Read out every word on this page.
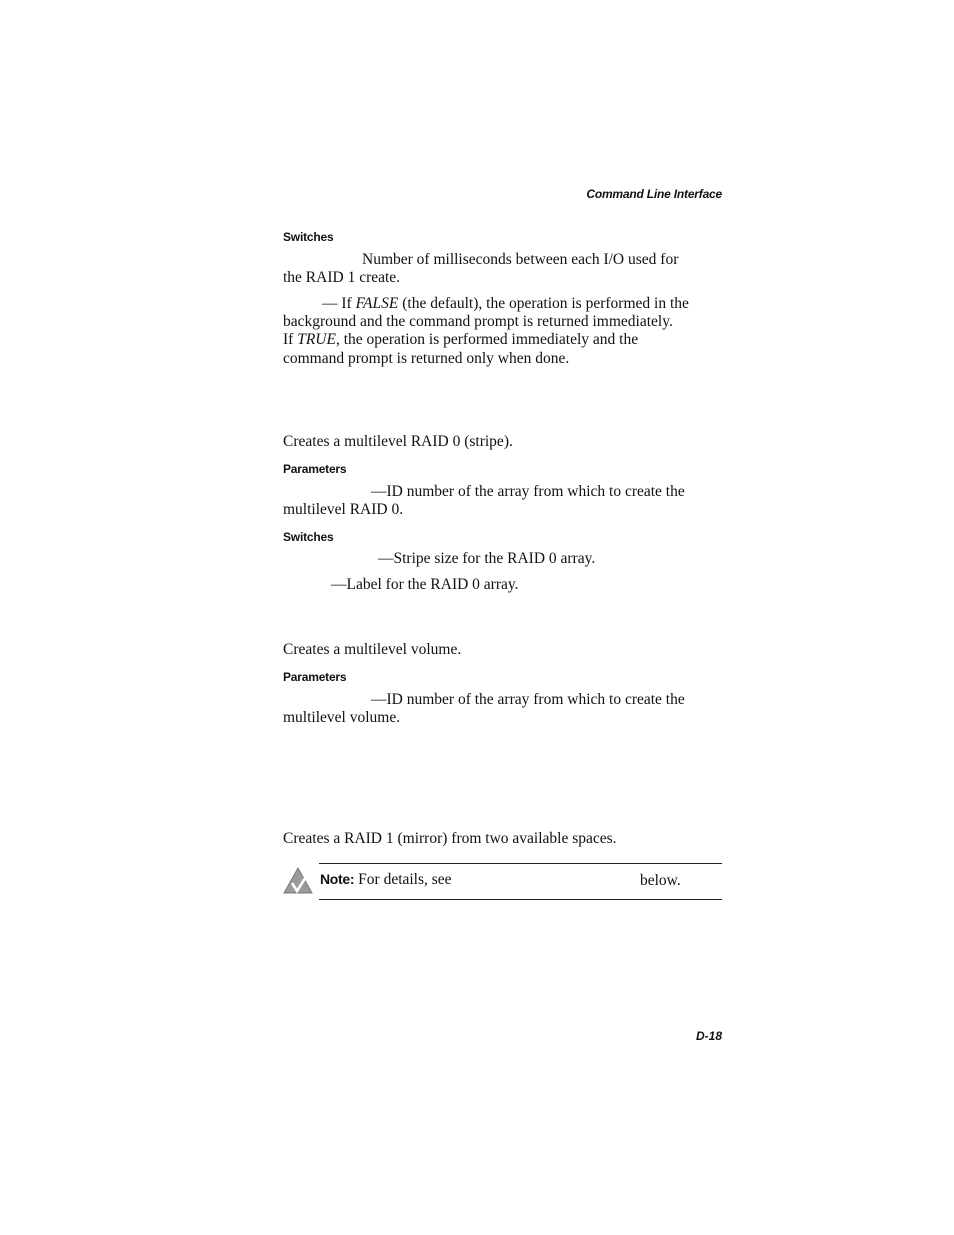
Command Line Interface
Switches
Number of milliseconds between each I/O used for
the RAID 1 create.
— If FALSE (the default), the operation is performed in the
background and the command prompt is returned immediately.
If TRUE, the operation is performed immediately and the
command prompt is returned only when done.
Creates a multilevel RAID 0 (stripe).
Parameters
—ID number of the array from which to create the
multilevel RAID 0.
Switches
—Stripe size for the RAID 0 array.
—Label for the RAID 0 array.
Creates a multilevel volume.
Parameters
—ID number of the array from which to create the
multilevel volume.
Creates a RAID 1 (mirror) from two available spaces.
Note: For details, see	below.
D-18
